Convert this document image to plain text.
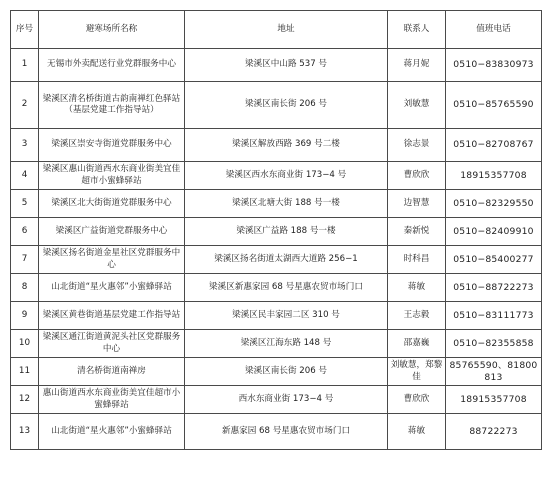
序号	避寒场所名称	地址	联系人	值班电话
1	无锡市外卖配送行业党群服务中心	梁溪区中山路 537 号	蒋月妮	0510−83830973
2	梁溪区清名桥街道古韵南禅红色驿站（基层党建工作指导站）	梁溪区南长街 206 号	刘敏慧	0510−85765590
3	梁溪区崇安寺街道党群服务中心	梁溪区解放西路 369 号二楼	徐志景	0510−82708767
4	梁溪区惠山街道西水东商业街美宜佳超市小蜜蜂驿站	梁溪区西水东商业街 173−4 号	曹欣欣	18915357708
5	梁溪区北大街街道党群服务中心	梁溪区北塘大街 188 号一楼	边智慧	0510−82329550
6	梁溪区广益街道党群服务中心	梁溪区广益路 188 号一楼	秦新悦	0510−82409910
7	梁溪区扬名街道金星社区党群服务中心	梁溪区扬名街道太湖西大道路 256−1	时科昌	0510−85400277
8	山北街道“星火惠邻”小蜜蜂驿站	梁溪区新惠家园 68 号星惠农贸市场门口	蒋敏	0510−88722273
9	梁溪区黄巷街道基层党建工作指导站	梁溪区民丰家园二区 310 号	王志毅	0510−83111773
10	梁溪区通江街道黄泥头社区党群服务中心	梁溪区江海东路 148 号	邵嘉巍	0510−82355858
11	清名桥街道南禅房	梁溪区南长街 206 号	刘敏慧，郑黎佳	85765590、81800813
12	惠山街道西水东商业街美宜佳超市小蜜蜂驿站	西水东商业街 173−4 号	曹欣欣	18915357708
13	山北街道“星火惠邻”小蜜蜂驿站	新惠家园 68 号星惠农贸市场门口	蒋敏	88722273
